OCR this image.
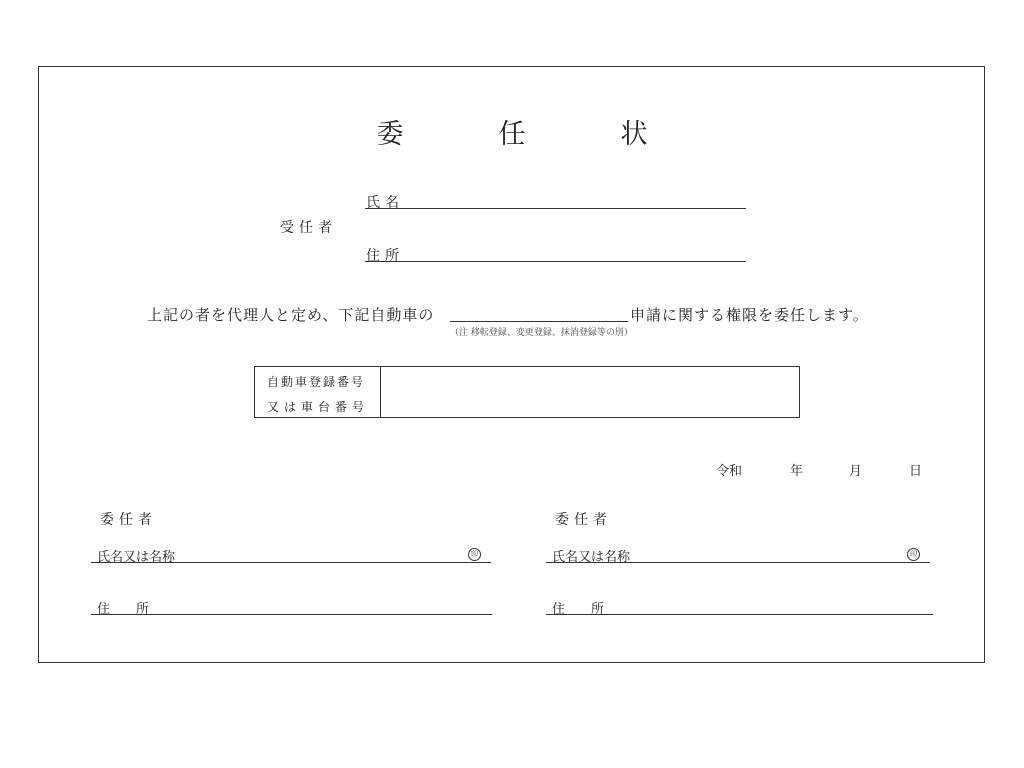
委　任　状
受任者
氏名
住所
上記の者を代理人と定め、下記自動車の	申請に関する権限を委任します。
（注 移転登録、変更登録、抹消登録等の別）
自動車登録番号
又は車台番号
令和	年	月	日
委任者
氏名又は名称	印
住　　所
委任者
氏名又は名称	印
住　　所
